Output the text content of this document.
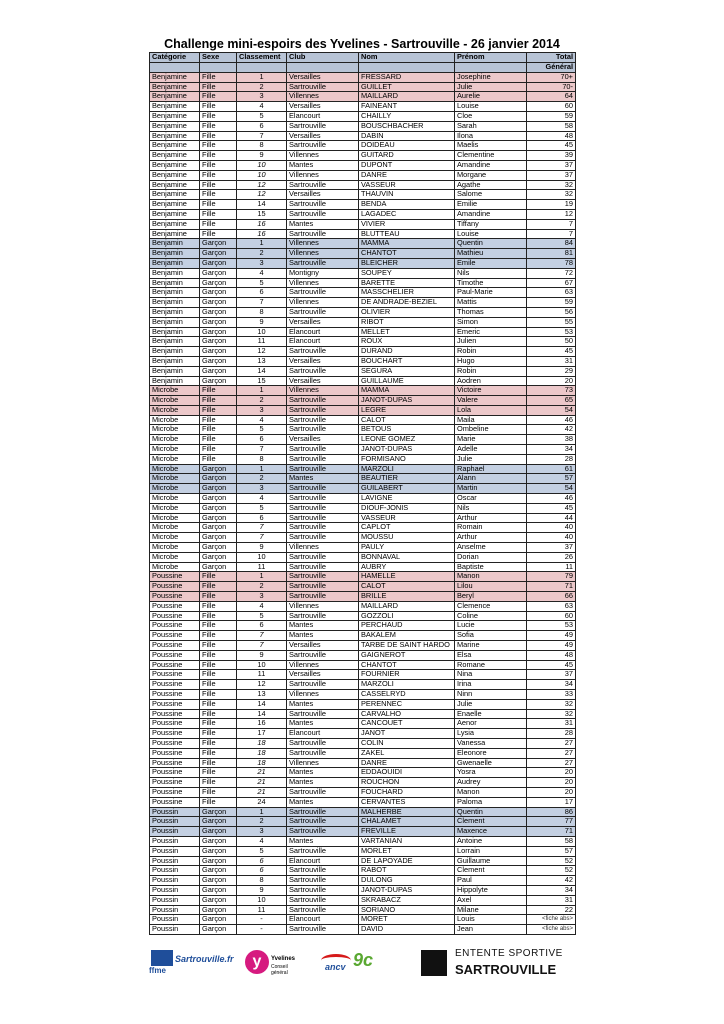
Challenge mini-espoirs des Yvelines - Sartrouville - 26 janvier 2014
Catégorie	Sexe	Classement	Club	Nom	Prénom	Total
						Général
Benjamine	Fille	1	Versailles	FRESSARD	Josephine	70+
Benjamine	Fille	2	Sartrouville	GUILLET	Julie	70-
Benjamine	Fille	3	Villennes	MAILLARD	Aurelie	64
Benjamine	Fille	4	Versailles	FAINEANT	Louise	60
Benjamine	Fille	5	Elancourt	CHAILLY	Cloe	59
Benjamine	Fille	6	Sartrouville	BOUSCHBACHER	Sarah	58
Benjamine	Fille	7	Versailles	DABIN	Ilona	48
Benjamine	Fille	8	Sartrouville	DOIDEAU	Maelis	45
Benjamine	Fille	9	Villennes	GUITARD	Clementine	39
Benjamine	Fille	10	Mantes	DUPONT	Amandine	37
Benjamine	Fille	10	Villennes	DANRE	Morgane	37
Benjamine	Fille	12	Sartrouville	VASSEUR	Agathe	32
Benjamine	Fille	12	Versailles	THAUVIN	Salome	32
Benjamine	Fille	14	Sartrouville	BENDA	Emilie	19
Benjamine	Fille	15	Sartrouville	LAGADEC	Amandine	12
Benjamine	Fille	16	Mantes	VIVIER	Tiffany	7
Benjamine	Fille	16	Sartrouville	BLUTTEAU	Louise	7
Benjamin	Garçon	1	Villennes	MAMMA	Quentin	84
Benjamin	Garçon	2	Villennes	CHANTOT	Mathieu	81
Benjamin	Garçon	3	Sartrouville	BLEICHER	Emile	78
Benjamin	Garçon	4	Montigny	SOUPEY	Nils	72
Benjamin	Garçon	5	Villennes	BARETTE	Timothe	67
Benjamin	Garçon	6	Sartrouville	MASSCHELIER	Paul-Marie	63
Benjamin	Garçon	7	Villennes	DE ANDRADE-BEZIEL	Mattis	59
Benjamin	Garçon	8	Sartrouville	OLIVIER	Thomas	56
Benjamin	Garçon	9	Versailles	RIBOT	Simon	55
Benjamin	Garçon	10	Elancourt	MELLET	Emeric	53
Benjamin	Garçon	11	Elancourt	ROUX	Julien	50
Benjamin	Garçon	12	Sartrouville	DURAND	Robin	45
Benjamin	Garçon	13	Versailles	BOUCHART	Hugo	31
Benjamin	Garçon	14	Sartrouville	SEGURA	Robin	29
Benjamin	Garçon	15	Versailles	GUILLAUME	Aodren	20
Microbe	Fille	1	Villennes	MAMMA	Victoire	73
Microbe	Fille	2	Sartrouville	JANOT-DUPAS	Valere	65
Microbe	Fille	3	Sartrouville	LEGRE	Lola	54
Microbe	Fille	4	Sartrouville	CALOT	Maila	46
Microbe	Fille	5	Sartrouville	BETOUS	Ombeline	42
Microbe	Fille	6	Versailles	LEONE GOMEZ	Marie	38
Microbe	Fille	7	Sartrouville	JANOT-DUPAS	Adelle	34
Microbe	Fille	8	Sartrouville	FORMISANO	Julie	28
Microbe	Garçon	1	Sartrouville	MARZOLI	Raphael	61
Microbe	Garçon	2	Mantes	BEAUTIER	Alann	57
Microbe	Garçon	3	Sartrouville	GUILABERT	Martin	54
Microbe	Garçon	4	Sartrouville	LAVIGNE	Oscar	46
Microbe	Garçon	5	Sartrouville	DIOUF-JONIS	Nils	45
Microbe	Garçon	6	Sartrouville	VASSEUR	Arthur	44
Microbe	Garçon	7	Sartrouville	CAPLOT	Romain	40
Microbe	Garçon	7	Sartrouville	MOUSSU	Arthur	40
Microbe	Garçon	9	Villennes	PAULY	Anselme	37
Microbe	Garçon	10	Sartrouville	BONNAVAL	Dorian	26
Microbe	Garçon	11	Sartrouville	AUBRY	Baptiste	11
Poussine	Fille	1	Sartrouville	HAMELLE	Manon	79
Poussine	Fille	2	Sartrouville	CALOT	Lilou	71
Poussine	Fille	3	Sartrouville	BRILLE	Beryl	66
Poussine	Fille	4	Villennes	MAILLARD	Clemence	63
Poussine	Fille	5	Sartrouville	GOZZOLI	Coline	60
Poussine	Fille	6	Mantes	PERCHAUD	Lucie	53
Poussine	Fille	7	Mantes	BAKALEM	Sofia	49
Poussine	Fille	7	Versailles	TARBE DE SAINT HARDO	Marine	49
Poussine	Fille	9	Sartrouville	GAIGNEROT	Elsa	48
Poussine	Fille	10	Villennes	CHANTOT	Romane	45
Poussine	Fille	11	Versailles	FOURNIER	Nina	37
Poussine	Fille	12	Sartrouville	MARZOLI	Irina	34
Poussine	Fille	13	Villennes	CASSELRYD	Ninn	33
Poussine	Fille	14	Mantes	PERENNEC	Julie	32
Poussine	Fille	14	Sartrouville	CARVALHO	Enaelle	32
Poussine	Fille	16	Mantes	CANCOUET	Aenor	31
Poussine	Fille	17	Elancourt	JANOT	Lysia	28
Poussine	Fille	18	Sartrouville	COLIN	Vanessa	27
Poussine	Fille	18	Sartrouville	ZAKEL	Eleonore	27
Poussine	Fille	18	Villennes	DANRE	Gwenaelle	27
Poussine	Fille	21	Mantes	EDDAOUIDI	Yosra	20
Poussine	Fille	21	Mantes	ROUCHON	Audrey	20
Poussine	Fille	21	Sartrouville	FOUCHARD	Manon	20
Poussine	Fille	24	Mantes	CERVANTES	Paloma	17
Poussin	Garçon	1	Sartrouville	MALHERBE	Quentin	86
Poussin	Garçon	2	Sartrouville	CHALAMET	Clement	77
Poussin	Garçon	3	Sartrouville	FREVILLE	Maxence	71
Poussin	Garçon	4	Mantes	VARTANIAN	Antoine	58
Poussin	Garçon	5	Sartrouville	MORLET	Lorrain	57
Poussin	Garçon	6	Elancourt	DE LAPOYADE	Guillaume	52
Poussin	Garçon	6	Sartrouville	RABOT	Clement	52
Poussin	Garçon	8	Sartrouville	DULONG	Paul	42
Poussin	Garçon	9	Sartrouville	JANOT-DUPAS	Hippolyte	34
Poussin	Garçon	10	Sartrouville	SKRABACZ	Axel	31
Poussin	Garçon	11	Sartrouville	SORIANO	Milane	22
Poussin	Garçon	-	Elancourt	MORET	Louis	<fiche abs>
Poussin	Garçon	-	Sartrouville	DAVID	Jean	<fiche abs>
ffme
Sartrouville.fr	y	Yvelines
Conseil général
ancv 9c	ENTENTE SPORTIVE
SARTROUVILLE
